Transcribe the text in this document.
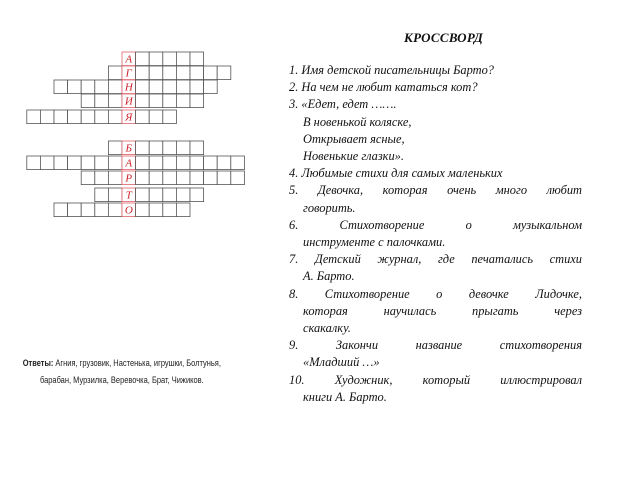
А
Г
Н
И
Я
Б
А
Р
Т
О
Ответы: Агния, грузовик, Настенька, игрушки, Болтунья, барабан, Мурзилка, Веревочка, Брат, Чижиков.
КРОССВОРД
1. Имя детской писательницы Барто?
2. На чем не любит кататься кот?
3. «Едет, едет …….
В новенькой коляске,
Открывает ясные,
Новенькие глазки».
4. Любимые стихи для самых маленьких
5. Девочка, которая очень много любит
говорить.
6. Стихотворение о музыкальном
инструменте с палочками.
7. Детский журнал, где печатались стихи
А. Барто.
8. Стихотворение о девочке Лидочке,
которая научилась прыгать через
скакалку.
9. Закончи название стихотворения
«Младший …»
10. Художник, который иллюстрировал
книги А. Барто.
